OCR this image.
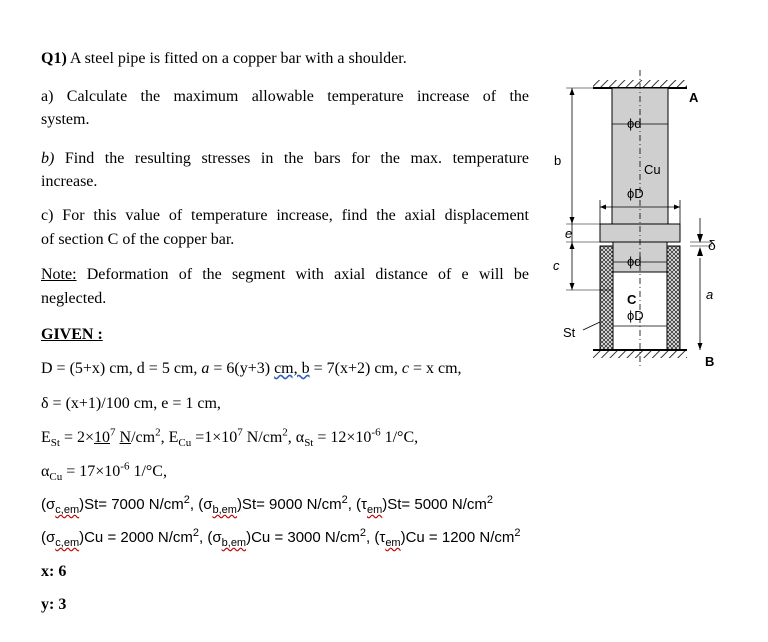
Q1) A steel pipe is fitted on a copper bar with a shoulder.
a) Calculate the maximum allowable temperature increase of the
system.
b) Find the resulting stresses in the bars for the max. temperature
increase.
c) For this value of temperature increase, find the axial displacement
of section C of the copper bar.
Note: Deformation of the segment with axial distance of e will be
neglected.
GIVEN :
D = (5+x) cm, d = 5 cm, a = 6(y+3) cm, b = 7(x+2) cm, c = x cm,
δ = (x+1)/100 cm, e = 1 cm,
$E_{St} = 2\times 10^7$ $N/cm^2$, $E_{Cu} =1\times 10^7$ $N/cm^2$, $\alpha_{St} = 12\times 10^{-6}$ 1/°C,
$\alpha_{Cu} = 17\times 10^{-6}$ 1/°C,
$(\sigma_{c,em})St= 7000$ $N/cm^2$, $(\sigma_{b,em})St= 9000$ $N/cm^2$, $(\tau_{em})St= 5000$ $N/cm^2$
$(\sigma_{c,em})Cu = 2000$ $N/cm^2$, $(\sigma_{b,em})Cu = 3000$ $N/cm^2$, $(\tau_{em})Cu = 1200$ $N/cm^2$
x: 6
y: 3
A
B
ϕd
Cu
ϕD
ϕd
C
ϕD
b
e
c
St
δ
a
